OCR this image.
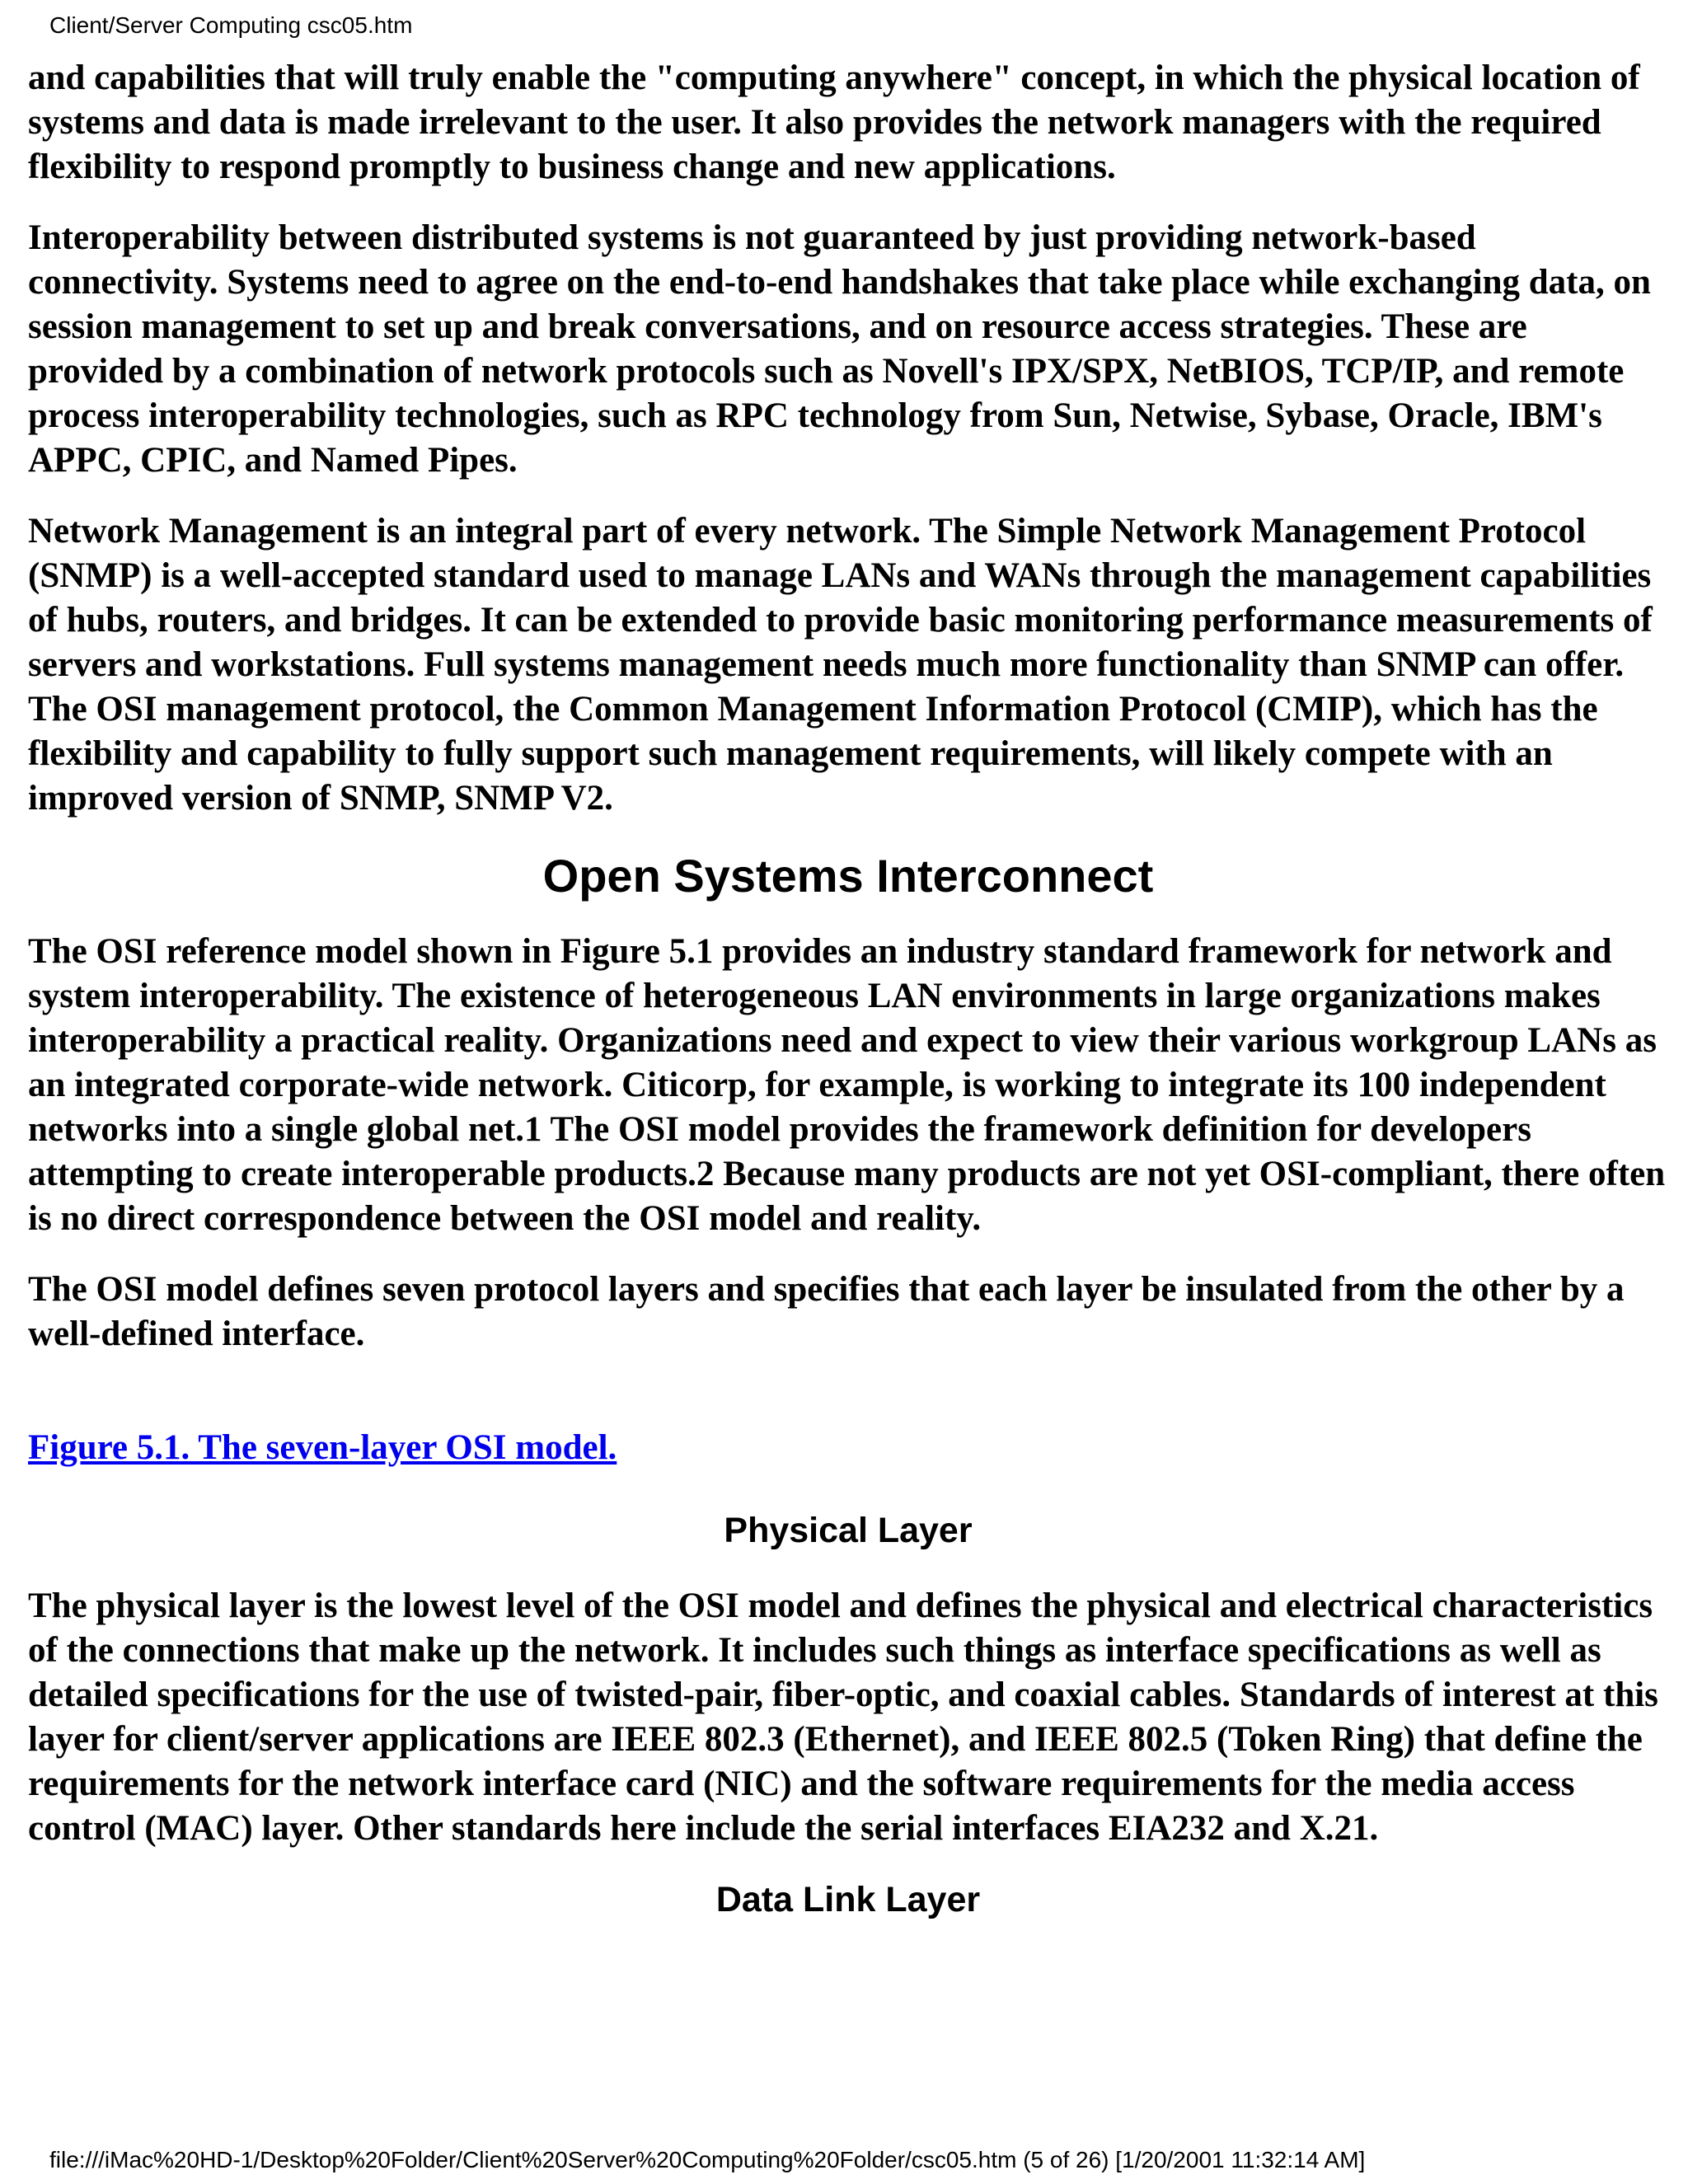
Client/Server Computing csc05.htm

and capabilities that will truly enable the "computing anywhere" concept, in which the physical location of systems and data is made irrelevant to the user. It also provides the network managers with the required flexibility to respond promptly to business change and new applications.

Interoperability between distributed systems is not guaranteed by just providing network-based connectivity. Systems need to agree on the end-to-end handshakes that take place while exchanging data, on session management to set up and break conversations, and on resource access strategies. These are provided by a combination of network protocols such as Novell's IPX/SPX, NetBIOS, TCP/IP, and remote process interoperability technologies, such as RPC technology from Sun, Netwise, Sybase, Oracle, IBM's APPC, CPIC, and Named Pipes.

Network Management is an integral part of every network. The Simple Network Management Protocol (SNMP) is a well-accepted standard used to manage LANs and WANs through the management capabilities of hubs, routers, and bridges. It can be extended to provide basic monitoring performance measurements of servers and workstations. Full systems management needs much more functionality than SNMP can offer. The OSI management protocol, the Common Management Information Protocol (CMIP), which has the flexibility and capability to fully support such management requirements, will likely compete with an improved version of SNMP, SNMP V2.

Open Systems Interconnect

The OSI reference model shown in Figure 5.1 provides an industry standard framework for network and system interoperability. The existence of heterogeneous LAN environments in large organizations makes interoperability a practical reality. Organizations need and expect to view their various workgroup LANs as an integrated corporate-wide network. Citicorp, for example, is working to integrate its 100 independent networks into a single global net.1 The OSI model provides the framework definition for developers attempting to create interoperable products.2 Because many products are not yet OSI-compliant, there often is no direct correspondence between the OSI model and reality.

The OSI model defines seven protocol layers and specifies that each layer be insulated from the other by a well-defined interface.

Figure 5.1. The seven-layer OSI model.
Physical Layer

The physical layer is the lowest level of the OSI model and defines the physical and electrical characteristics of the connections that make up the network. It includes such things as interface specifications as well as detailed specifications for the use of twisted-pair, fiber-optic, and coaxial cables. Standards of interest at this layer for client/server applications are IEEE 802.3 (Ethernet), and IEEE 802.5 (Token Ring) that define the requirements for the network interface card (NIC) and the software requirements for the media access control (MAC) layer. Other standards here include the serial interfaces EIA232 and X.21.

Data Link Layer
file:///iMac%20HD-1/Desktop%20Folder/Client%20Server%20Computing%20Folder/csc05.htm (5 of 26) [1/20/2001 11:32:14 AM]
